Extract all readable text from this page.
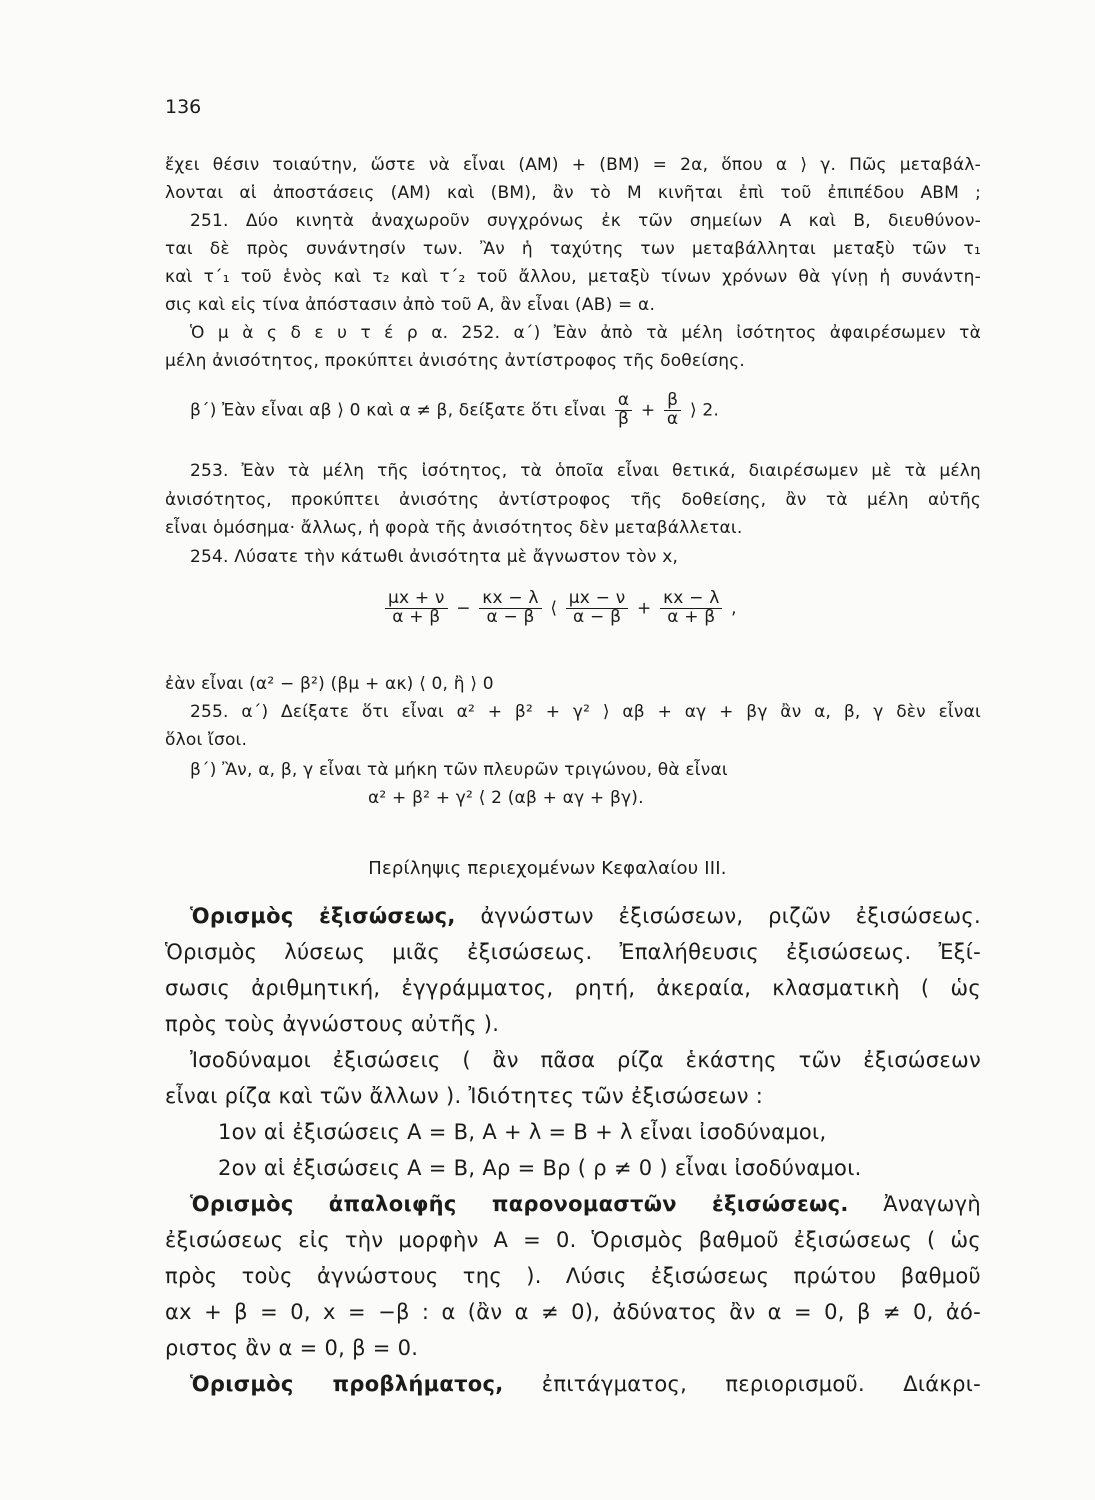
136
ἔχει θέσιν τοιαύτην, ὥστε νὰ εἶναι (ΑΜ) + (ΒΜ) = 2α, ὅπου α ⟩ γ. Πῶς μεταβάλ-
λονται αἱ ἀποστάσεις (ΑΜ) καὶ (ΒΜ), ἂν τὸ Μ κινῆται ἐπὶ τοῦ ἐπιπέδου ΑΒΜ ;
251. Δύο κινητὰ ἀναχωροῦν συγχρόνως ἐκ τῶν σημείων Α καὶ Β, διευθύνον-
ται δὲ πρὸς συνάντησίν των. Ἂν ἡ ταχύτης των μεταβάλληται μεταξὺ τῶν τ₁
καὶ τ΄₁ τοῦ ἑνὸς καὶ τ₂ καὶ τ΄₂ τοῦ ἄλλου, μεταξὺ τίνων χρόνων θὰ γίνῃ ἡ συνάντη-
σις καὶ εἰς τίνα ἀπόστασιν ἀπὸ τοῦ Α, ἂν εἶναι (ΑΒ) = α.
Ὁ μ ὰ ς δ ε υ τ έ ρ α. 252. α΄) Ἐὰν ἀπὸ τὰ μέλη ἰσότητος ἀφαιρέσωμεν τὰ
μέλη ἀνισότητος, προκύπτει ἀνισότης ἀντίστροφος τῆς δοθείσης.
β΄) Ἐὰν εἶναι αβ ⟩ 0 καὶ α ≠ β, δείξατε ὅτι εἶναι $\frac{\alpha}{\beta} + \frac{\beta}{\alpha}$ ⟩ 2.
253. Ἐὰν τὰ μέλη τῆς ἰσότητος, τὰ ὁποῖα εἶναι θετικά, διαιρέσωμεν μὲ τὰ μέλη
ἀνισότητος, προκύπτει ἀνισότης ἀντίστροφος τῆς δοθείσης, ἂν τὰ μέλη αὐτῆς
εἶναι ὁμόσημα· ἄλλως, ἡ φορὰ τῆς ἀνισότητος δὲν μεταβάλλεται.
254. Λύσατε τὴν κάτωθι ἀνισότητα μὲ ἄγνωστον τὸν x,
$\frac{\mu x + \nu}{\alpha + \beta} - \frac{\kappa x - \lambda}{\alpha - \beta}$ ⟨ $\frac{\mu x - \nu}{\alpha - \beta} + \frac{\kappa x - \lambda}{\alpha + \beta}$ ,
ἐὰν εἶναι (α² − β²) (βμ + ακ) ⟨ 0, ἢ ⟩ 0
255. α΄) Δείξατε ὅτι εἶναι α² + β² + γ² ⟩ αβ + αγ + βγ ἂν α, β, γ δὲν εἶναι
ὅλοι ἴσοι.
β΄) Ἂν, α, β, γ εἶναι τὰ μήκη τῶν πλευρῶν τριγώνου, θὰ εἶναι
α² + β² + γ² ⟨ 2 (αβ + αγ + βγ).
Περίληψις περιεχομένων Κεφαλαίου ΙΙΙ.
Ὁρισμὸς ἐξισώσεως, ἀγνώστων ἐξισώσεων, ριζῶν ἐξισώσεως.
Ὁρισμὸς λύσεως μιᾶς ἐξισώσεως. Ἐπαλήθευσις ἐξισώσεως. Ἐξί-
σωσις ἀριθμητική, ἐγγράμματος, ρητή, ἀκεραία, κλασματικὴ ( ὡς
πρὸς τοὺς ἀγνώστους αὐτῆς ).
Ἰσοδύναμοι ἐξισώσεις ( ἂν πᾶσα ρίζα ἑκάστης τῶν ἐξισώσεων
εἶναι ρίζα καὶ τῶν ἄλλων ). Ἰδιότητες τῶν ἐξισώσεων :
1ον αἱ ἐξισώσεις Α = Β, Α + λ = Β + λ εἶναι ἰσοδύναμοι,
2ον αἱ ἐξισώσεις Α = Β, Αρ = Βρ ( ρ ≠ 0 ) εἶναι ἰσοδύναμοι.
Ὁρισμὸς ἀπαλοιφῆς παρονομαστῶν ἐξισώσεως. Ἀναγωγὴ
ἐξισώσεως εἰς τὴν μορφὴν Α = 0. Ὁρισμὸς βαθμοῦ ἐξισώσεως ( ὡς
πρὸς τοὺς ἀγνώστους της ). Λύσις ἐξισώσεως πρώτου βαθμοῦ
αx + β = 0, x = −β : α (ἂν α ≠ 0), ἀδύνατος ἂν α = 0, β ≠ 0, ἀό-
ριστος ἂν α = 0, β = 0.
Ὁρισμὸς προβλήματος, ἐπιτάγματος, περιορισμοῦ. Διάκρι-
